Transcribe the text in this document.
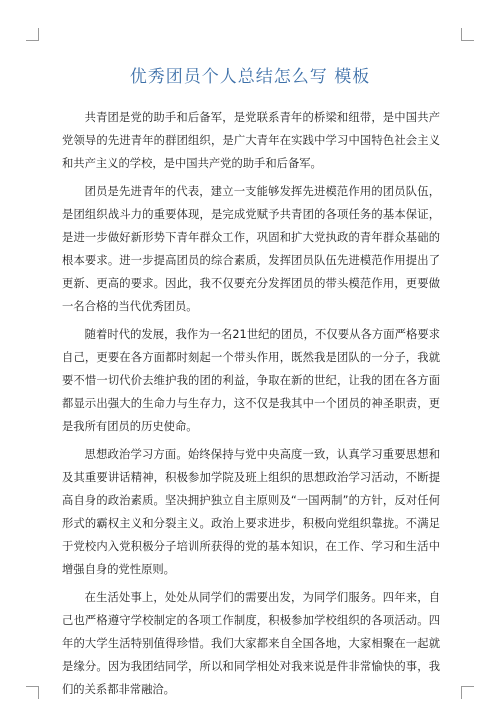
优秀团员个人总结怎么写 模板

共青团是党的助手和后备军，是党联系青年的桥梁和纽带，是中国共产党领导的先进青年的群团组织，是广大青年在实践中学习中国特色社会主义和共产主义的学校，是中国共产党的助手和后备军。

团员是先进青年的代表，建立一支能够发挥先进模范作用的团员队伍，是团组织战斗力的重要体现，是完成党赋予共青团的各项任务的基本保证，是进一步做好新形势下青年群众工作，巩固和扩大党执政的青年群众基础的根本要求。进一步提高团员的综合素质，发挥团员队伍先进模范作用提出了更新、更高的要求。因此，我不仅要充分发挥团员的带头模范作用，更要做一名合格的当代优秀团员。

随着时代的发展，我作为一名21世纪的团员，不仅要从各方面严格要求自己，更要在各方面都时刻起一个带头作用，既然我是团队的一分子，我就要不惜一切代价去维护我的团的利益，争取在新的世纪，让我的团在各方面都显示出强大的生命力与生存力，这不仅是我其中一个团员的神圣职责，更是我所有团员的历史使命。

思想政治学习方面。始终保持与党中央高度一致，认真学习重要思想和及其重要讲话精神，积极参加学院及班上组织的思想政治学习活动，不断提高自身的政治素质。坚决拥护独立自主原则及“一国两制”的方针，反对任何形式的霸权主义和分裂主义。政治上要求进步，积极向党组织靠拢。不满足于党校内入党积极分子培训所获得的党的基本知识，在工作、学习和生活中增强自身的党性原则。

在生活处事上，处处从同学们的需要出发，为同学们服务。四年来，自己也严格遵守学校制定的各项工作制度，积极参加学校组织的各项活动。四年的大学生活特别值得珍惜。我们大家都来自全国各地，大家相聚在一起就是缘分。因为我团结同学，所以和同学相处对我来说是件非常愉快的事，我们的关系都非常融洽。
